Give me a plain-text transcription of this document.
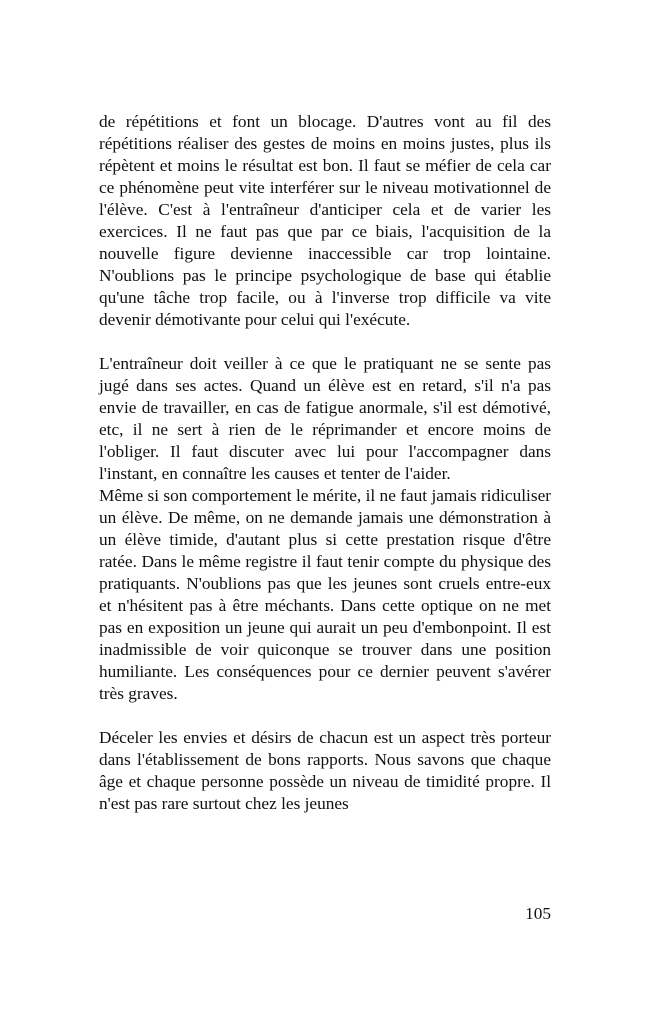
de répétitions et font un blocage. D'autres vont au fil des répétitions réaliser des gestes de moins en moins justes, plus ils répètent et moins le résultat est bon. Il faut se méfier de cela car ce phénomène peut vite interférer sur le niveau motivationnel de l'élève. C'est à l'entraîneur d'anticiper cela et de varier les exercices. Il ne faut pas que par ce biais, l'acquisition de la nouvelle figure devienne inaccessible car trop lointaine. N'oublions pas le principe psychologique de base qui établie qu'une tâche trop facile, ou à l'inverse trop difficile va vite devenir démotivante pour celui qui l'exécute.

L'entraîneur doit veiller à ce que le pratiquant ne se sente pas jugé dans ses actes. Quand un élève est en retard, s'il n'a pas envie de travailler, en cas de fatigue anormale, s'il est démotivé, etc, il ne sert à rien de le réprimander et encore moins de l'obliger. Il faut discuter avec lui pour l'accompagner dans l'instant, en connaître les causes et tenter de l'aider.

Même si son comportement le mérite, il ne faut jamais ridiculiser un élève. De même, on ne demande jamais une démonstration à un élève timide, d'autant plus si cette prestation risque d'être ratée. Dans le même registre il faut tenir compte du physique des pratiquants. N'oublions pas que les jeunes sont cruels entre-eux et n'hésitent pas à être méchants. Dans cette optique on ne met pas en exposition un jeune qui aurait un peu d'embonpoint. Il est inadmissible de voir quiconque se trouver dans une position humiliante. Les conséquences pour ce dernier peuvent s'avérer très graves.

Déceler les envies et désirs de chacun est un aspect très porteur dans l'établissement de bons rapports. Nous savons que chaque âge et chaque personne possède un niveau de timidité propre. Il n'est pas rare surtout chez les jeunes

105
